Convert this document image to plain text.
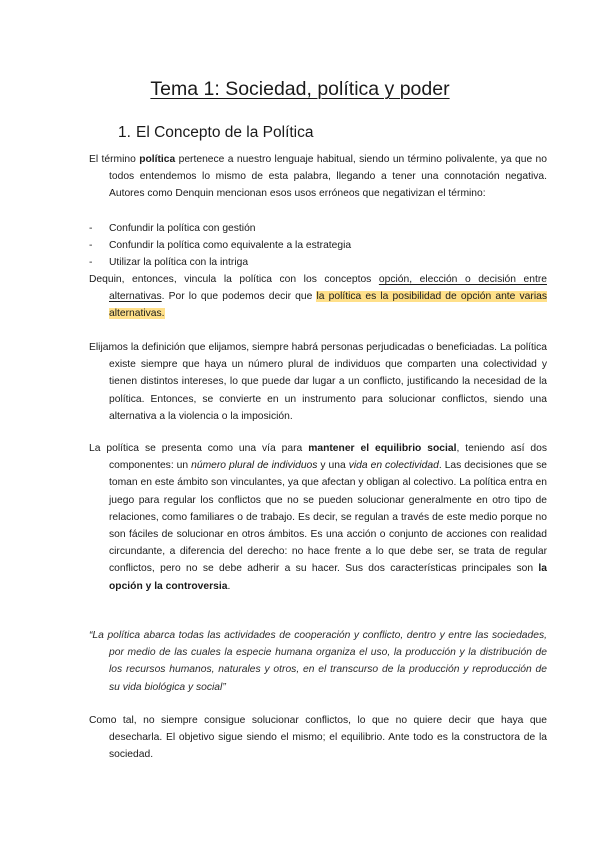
Tema 1: Sociedad, política y poder
1. El Concepto de la Política
El término política pertenece a nuestro lenguaje habitual, siendo un término polivalente, ya que no todos entendemos lo mismo de esta palabra, llegando a tener una connotación negativa. Autores como Denquin mencionan esos usos erróneos que negativizan el término:
- Confundir la política con gestión
- Confundir la política como equivalente a la estrategia
- Utilizar la política con la intriga
Dequin, entonces, vincula la política con los conceptos opción, elección o decisión entre alternativas. Por lo que podemos decir que la política es la posibilidad de opción ante varias alternativas.
Elijamos la definición que elijamos, siempre habrá personas perjudicadas o beneficiadas. La política existe siempre que haya un número plural de individuos que comparten una colectividad y tienen distintos intereses, lo que puede dar lugar a un conflicto, justificando la necesidad de la política. Entonces, se convierte en un instrumento para solucionar conflictos, siendo una alternativa a la violencia o la imposición.
La política se presenta como una vía para mantener el equilibrio social, teniendo así dos componentes: un número plural de individuos y una vida en colectividad. Las decisiones que se toman en este ámbito son vinculantes, ya que afectan y obligan al colectivo. La política entra en juego para regular los conflictos que no se pueden solucionar generalmente en otro tipo de relaciones, como familiares o de trabajo. Es decir, se regulan a través de este medio porque no son fáciles de solucionar en otros ámbitos. Es una acción o conjunto de acciones con realidad circundante, a diferencia del derecho: no hace frente a lo que debe ser, se trata de regular conflictos, pero no se debe adherir a su hacer. Sus dos características principales son la opción y la controversia.
“La política abarca todas las actividades de cooperación y conflicto, dentro y entre las sociedades, por medio de las cuales la especie humana organiza el uso, la producción y la distribución de los recursos humanos, naturales y otros, en el transcurso de la producción y reproducción de su vida biológica y social”
Como tal, no siempre consigue solucionar conflictos, lo que no quiere decir que haya que desecharla. El objetivo sigue siendo el mismo; el equilibrio. Ante todo es la constructora de la sociedad.
